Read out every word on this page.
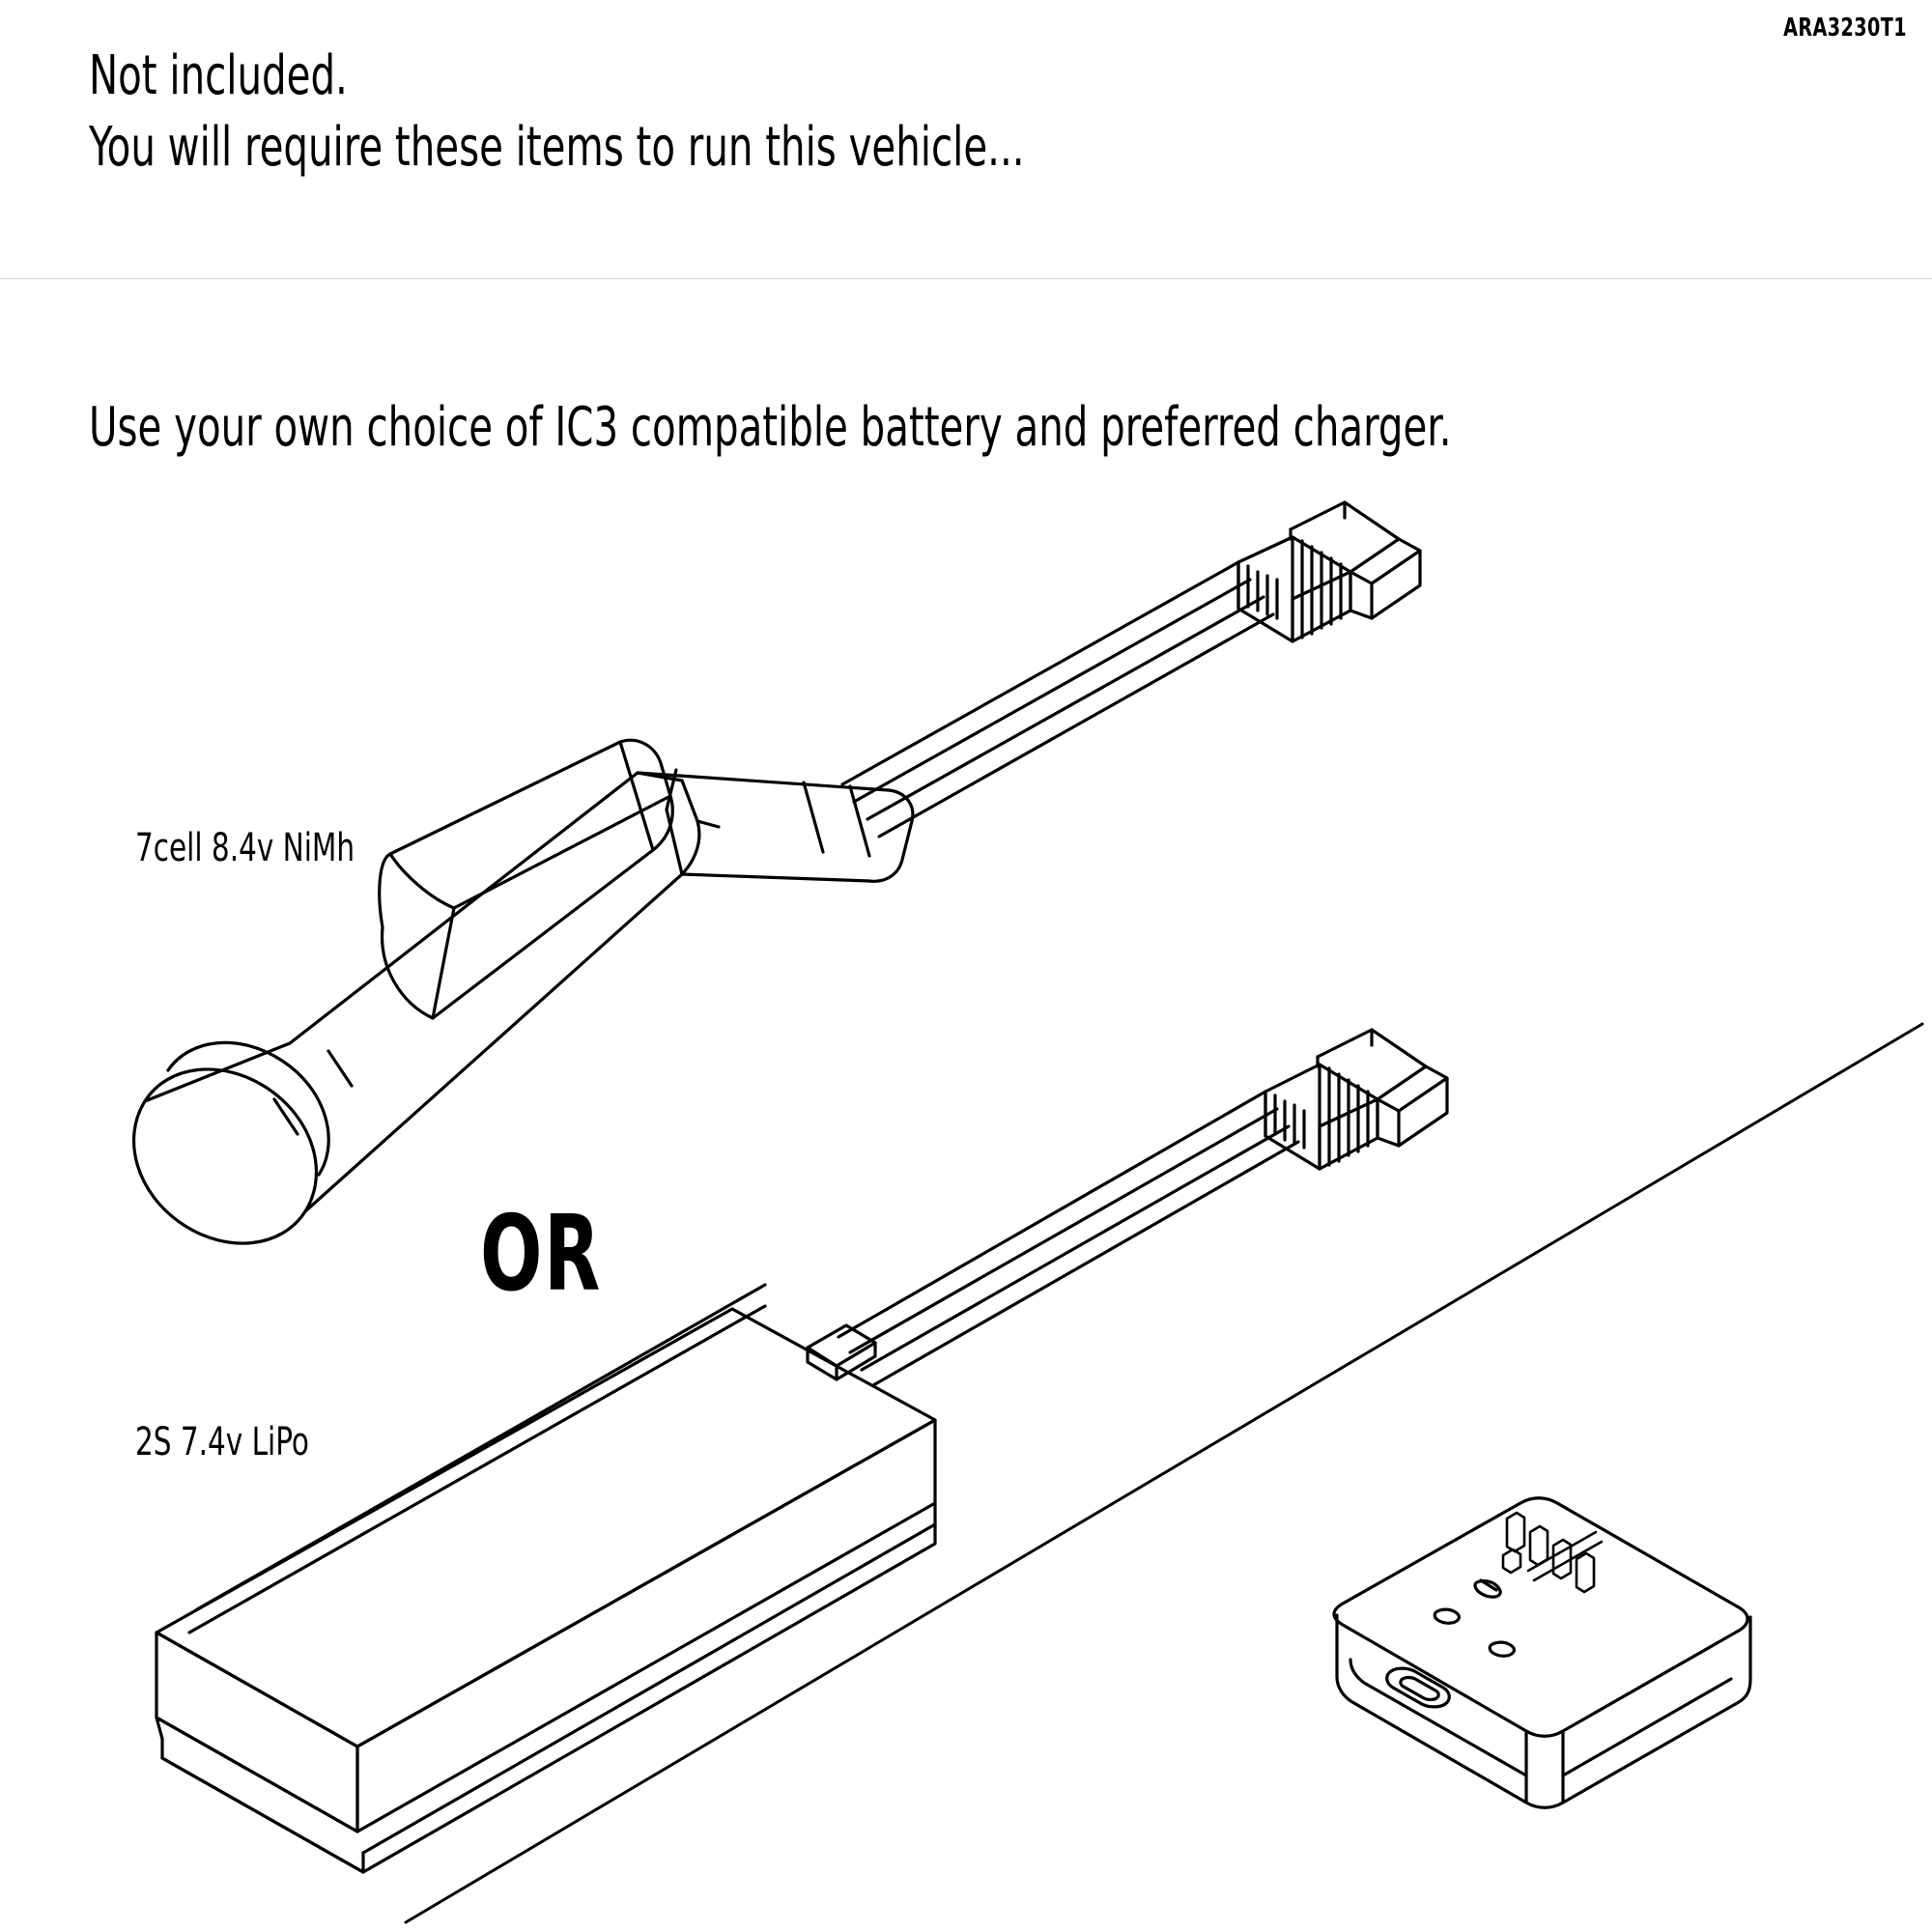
ARA3230T1
Not included.
You will require these items to run this vehicle...
Use your own choice of IC3 compatible battery and preferred charger.
7cell 8.4v NiMh
2S 7.4v LiPo
OR
